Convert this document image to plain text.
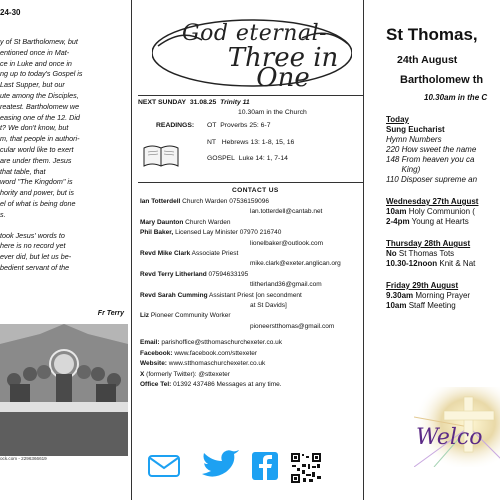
24-30
y of St Bartholomew, but
entioned once in Mat-
ce in Luke and once in
ng up to today's Gospel is
Last Supper, but our
ute among the Disciples,
reatest. Bartholomew we
easing one of the 12. Did
t? We don't know, but
m, that people in authori-
cular world like to exert
are under them. Jesus
that table, that
word "The Kingdom" is
hority and power, but is
el of what is being done
s.
took Jesus' words to
here is no record yet
ever did, but let us be-
bedient servant of the
Fr Terry
ock.com - 2296366619
God eternal-
Three in One
NEXT SUNDAY 31.08.25 Trinity 11
10.30am in the Church
READINGS: OT Proverbs 25: 6-7
NT Hebrews 13: 1-8, 15, 16
GOSPEL Luke 14: 1, 7-14
CONTACT US
Ian Totterdell Church Warden 07536159096
lan.totterdell@cantab.net
Mary Daunton Church Warden
Phil Baker, Licensed Lay Minister 07970 216740
lionelbaker@outlook.com
Revd Mike Clark Associate Priest
mike.clark@exeter.anglican.org
Revd Terry Litherland 07594633195
tlitherland36@gmail.com
Revd Sarah Cumming Assistant Priest [on secondment
at St Davids]
Liz Pioneer Community Worker
pioneerstthomas@gmail.com
Email: parishoffice@stthomaschurchexeter.co.uk
Facebook: www.facebook.com/sttexeter
Website: www.stthomaschurchexeter.co.uk
X (formerly Twitter): @sttexeter
Office Tel: 01392 437486 Messages at any time.
St Thomas,
24th August
Bartholomew th
10.30am in the C
Today
Sung Eucharist
Hymn Numbers
220 How sweet the name
148 From heaven you ca
King)
110 Disposer supreme an
Wednesday 27th August
10am Holy Communion (
2-4pm Young at Hearts
Thursday 28th August
No St Thomas Tots
10.30-12noon Knit & Nat
Friday 29th August
9.30am Morning Prayer
10am Staff Meeting
Welco
